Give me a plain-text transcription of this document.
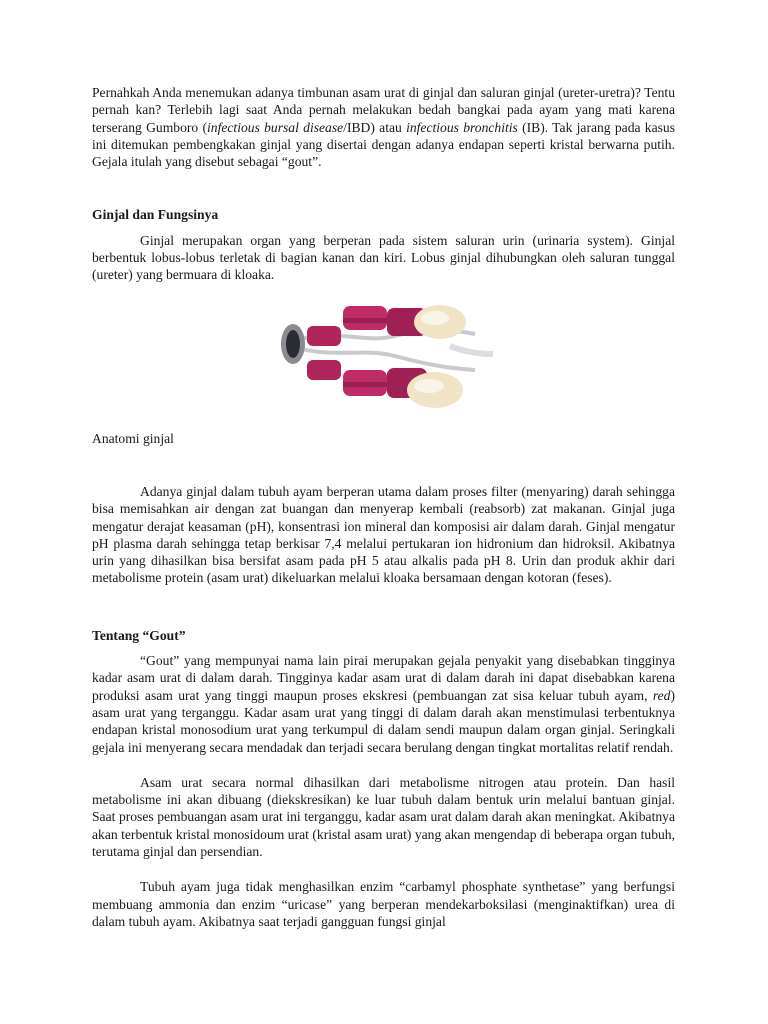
Pernahkah Anda menemukan adanya timbunan asam urat di ginjal dan saluran ginjal (ureter-uretra)? Tentu pernah kan? Terlebih lagi saat Anda pernah melakukan bedah bangkai pada ayam yang mati karena terserang Gumboro (infectious bursal disease/IBD) atau infectious bronchitis (IB). Tak jarang pada kasus ini ditemukan pembengkakan ginjal yang disertai dengan adanya endapan seperti kristal berwarna putih. Gejala itulah yang disebut sebagai “gout”.

Ginjal dan Fungsinya

Ginjal merupakan organ yang berperan pada sistem saluran urin (urinaria system). Ginjal berbentuk lobus-lobus terletak di bagian kanan dan kiri. Lobus ginjal dihubungkan oleh saluran tunggal (ureter) yang bermuara di kloaka.

Anatomi ginjal

Adanya ginjal dalam tubuh ayam berperan utama dalam proses filter (menyaring) darah sehingga bisa memisahkan air dengan zat buangan dan menyerap kembali (reabsorb) zat makanan. Ginjal juga mengatur derajat keasaman (pH), konsentrasi ion mineral dan komposisi air dalam darah. Ginjal mengatur pH plasma darah sehingga tetap berkisar 7,4 melalui pertukaran ion hidronium dan hidroksil. Akibatnya urin yang dihasilkan bisa bersifat asam pada pH 5 atau alkalis pada pH 8. Urin dan produk akhir dari metabolisme protein (asam urat) dikeluarkan melalui kloaka bersamaan dengan kotoran (feses).

Tentang “Gout”

“Gout” yang mempunyai nama lain pirai merupakan gejala penyakit yang disebabkan tingginya kadar asam urat di dalam darah. Tingginya kadar asam urat di dalam darah ini dapat disebabkan karena produksi asam urat yang tinggi maupun proses ekskresi (pembuangan zat sisa keluar tubuh ayam, red) asam urat yang terganggu. Kadar asam urat yang tinggi di dalam darah akan menstimulasi terbentuknya endapan kristal monosodium urat yang terkumpul di dalam sendi maupun dalam organ ginjal. Seringkali gejala ini menyerang secara mendadak dan terjadi secara berulang dengan tingkat mortalitas relatif rendah.

Asam urat secara normal dihasilkan dari metabolisme nitrogen atau protein. Dan hasil metabolisme ini akan dibuang (diekskresikan) ke luar tubuh dalam bentuk urin melalui bantuan ginjal. Saat proses pembuangan asam urat ini terganggu, kadar asam urat dalam darah akan meningkat. Akibatnya akan terbentuk kristal monosidoum urat (kristal asam urat) yang akan mengendap di beberapa organ tubuh, terutama ginjal dan persendian.

Tubuh ayam juga tidak menghasilkan enzim “carbamyl phosphate synthetase” yang berfungsi membuang ammonia dan enzim “uricase” yang berperan mendekarboksilasi (menginaktifkan) urea di dalam tubuh ayam. Akibatnya saat terjadi gangguan fungsi ginjal
